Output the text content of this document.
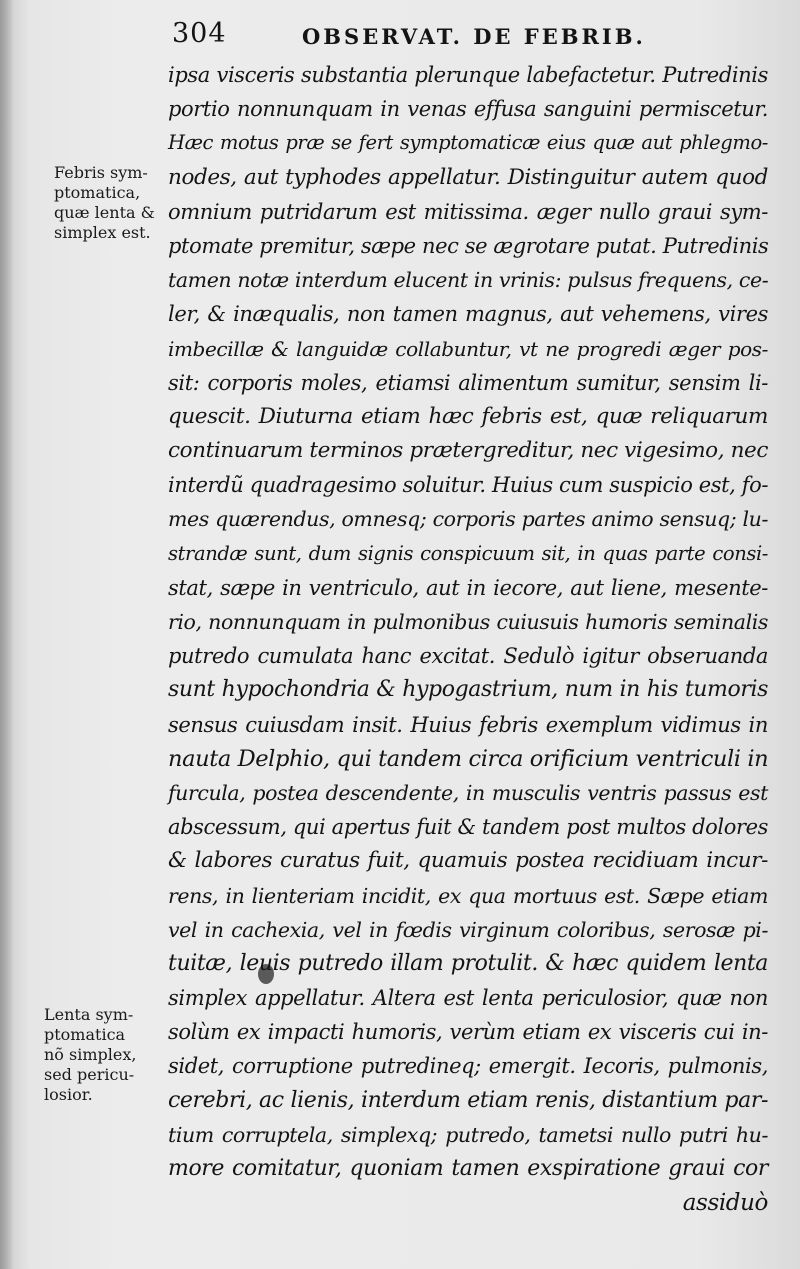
304	OBSERVAT. DE FEBRIB.
Febris sym-
ptomatica,
quæ lenta &
simplex est.
Lenta sym-
ptomatica
nõ simplex,
sed pericu-
losior.
ipsa visceris substantia plerunque labefactetur. Putredinis
portio nonnunquam in venas effusa sanguini permiscetur.
Hæc motus præ se fert symptomaticæ eius quæ aut phlegmo-
nodes, aut typhodes appellatur. Distinguitur autem quod
omnium putridarum est mitissima. æger nullo graui sym-
ptomate premitur, sæpe nec se ægrotare putat. Putredinis
tamen notæ interdum elucent in vrinis: pulsus frequens, ce-
ler, & inæqualis, non tamen magnus, aut vehemens, vires
imbecillæ & languidæ collabuntur, vt ne progredi æger pos-
sit: corporis moles, etiamsi alimentum sumitur, sensim li-
quescit. Diuturna etiam hæc febris est, quæ reliquarum
continuarum terminos prætergreditur, nec vigesimo, nec
interdũ quadragesimo soluitur. Huius cum suspicio est, fo-
mes quærendus, omnesq; corporis partes animo sensuq; lu-
strandæ sunt, dum signis conspicuum sit, in quas parte consi-
stat, sæpe in ventriculo, aut in iecore, aut liene, mesente-
rio, nonnunquam in pulmonibus cuiusuis humoris seminalis
putredo cumulata hanc excitat. Sedulò igitur obseruanda
sunt hypochondria & hypogastrium, num in his tumoris
sensus cuiusdam insit. Huius febris exemplum vidimus in
nauta Delphio, qui tandem circa orificium ventriculi in
furcula, postea descendente, in musculis ventris passus est
abscessum, qui apertus fuit & tandem post multos dolores
& labores curatus fuit, quamuis postea recidiuam incur-
rens, in lienteriam incidit, ex qua mortuus est. Sæpe etiam
vel in cachexia, vel in fœdis virginum coloribus, serosæ pi-
tuitæ, leuis putredo illam protulit. & hæc quidem lenta
simplex appellatur. Altera est lenta periculosior, quæ non
solùm ex impacti humoris, verùm etiam ex visceris cui in-
sidet, corruptione putredineq; emergit. Iecoris, pulmonis,
cerebri, ac lienis, interdum etiam renis, distantium par-
tium corruptela, simplexq; putredo, tametsi nullo putri hu-
more comitatur, quoniam tamen exspiratione graui cor
assiduò
